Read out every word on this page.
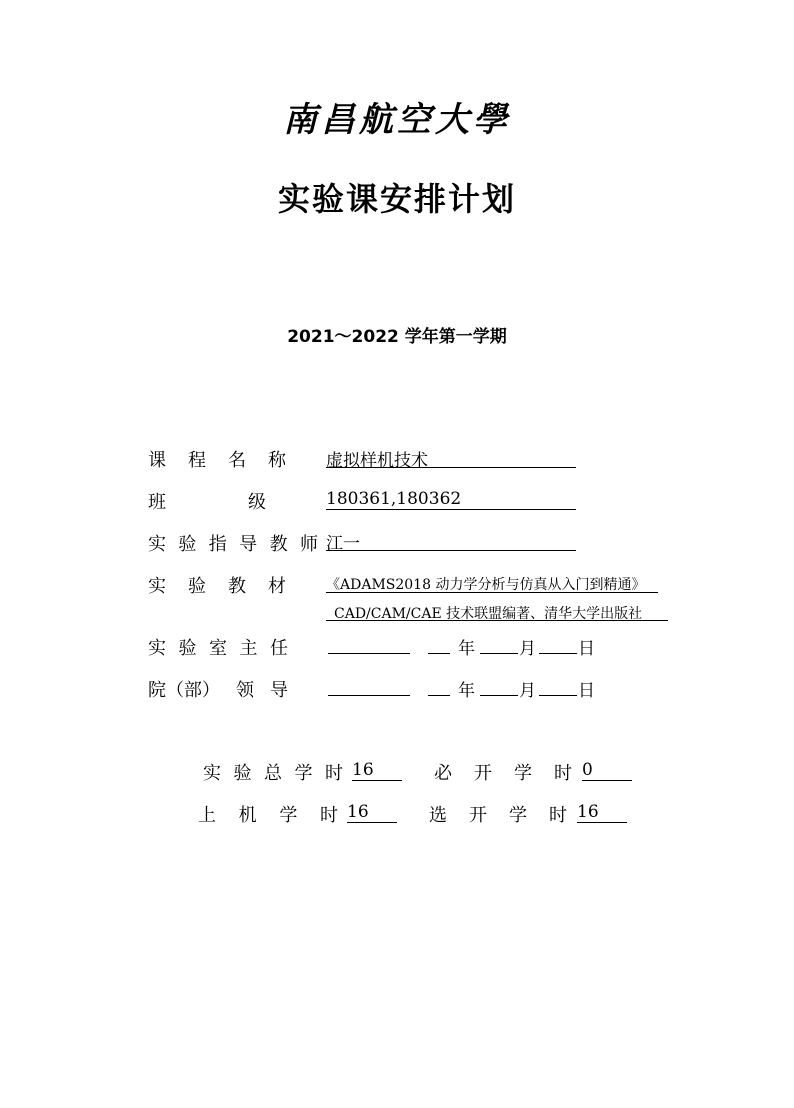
南昌航空大學
实验课安排计划
2021～2022 学年第一学期
课 程 名 称 虚拟样机技术
班	级	180361,180362
实 验 指 导 教 师 江一
实 验 教 材	《ADAMS2018 动力学分析与仿真从入门到精通》
CAD/CAM/CAE 技术联盟编著、清华大学出版社
实 验 室 主 任	年	月 日
院（部） 领 导	年	月 日
实 验 总 学 时 16	必 开 学 时 0
上 机 学 时 16	选 开 学 时 16
